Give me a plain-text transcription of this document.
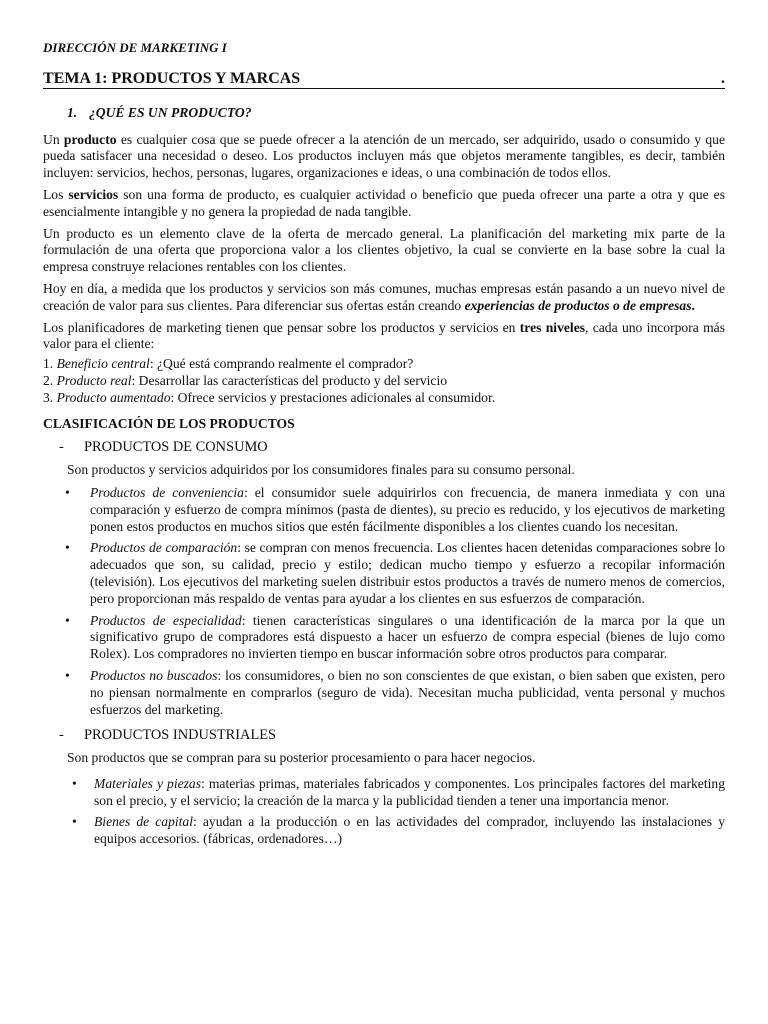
DIRECCIÓN DE MARKETING I
TEMA 1: PRODUCTOS Y MARCAS	.
1. ¿QUÉ ES UN PRODUCTO?

Un producto es cualquier cosa que se puede ofrecer a la atención de un mercado, ser adquirido, usado o consumido y que pueda satisfacer una necesidad o deseo. Los productos incluyen más que objetos meramente tangibles, es decir, también incluyen: servicios, hechos, personas, lugares, organizaciones e ideas, o una combinación de todos ellos.

Los servicios son una forma de producto, es cualquier actividad o beneficio que pueda ofrecer una parte a otra y que es esencialmente intangible y no genera la propiedad de nada tangible.

Un producto es un elemento clave de la oferta de mercado general. La planificación del marketing mix parte de la formulación de una oferta que proporciona valor a los clientes objetivo, la cual se convierte en la base sobre la cual la empresa construye relaciones rentables con los clientes.

Hoy en día, a medida que los productos y servicios son más comunes, muchas empresas están pasando a un nuevo nivel de creación de valor para sus clientes. Para diferenciar sus ofertas están creando experiencias de productos o de empresas.

Los planificadores de marketing tienen que pensar sobre los productos y servicios en tres niveles, cada uno incorpora más valor para el cliente:

1. Beneficio central: ¿Qué está comprando realmente el comprador?
2. Producto real: Desarrollar las características del producto y del servicio
3. Producto aumentado: Ofrece servicios y prestaciones adicionales al consumidor.
CLASIFICACIÓN DE LOS PRODUCTOS
- PRODUCTOS DE CONSUMO
Son productos y servicios adquiridos por los consumidores finales para su consumo personal.
• Productos de conveniencia: el consumidor suele adquirirlos con frecuencia, de manera inmediata y con una comparación y esfuerzo de compra mínimos (pasta de dientes), su precio es reducido, y los ejecutivos de marketing ponen estos productos en muchos sitios que estén fácilmente disponibles a los clientes cuando los necesitan.
• Productos de comparación: se compran con menos frecuencia. Los clientes hacen detenidas comparaciones sobre lo adecuados que son, su calidad, precio y estilo; dedican mucho tiempo y esfuerzo a recopilar información (televisión). Los ejecutivos del marketing suelen distribuir estos productos a través de numero menos de comercios, pero proporcionan más respaldo de ventas para ayudar a los clientes en sus esfuerzos de comparación.
• Productos de especialidad: tienen características singulares o una identificación de la marca por la que un significativo grupo de compradores está dispuesto a hacer un esfuerzo de compra especial (bienes de lujo como Rolex). Los compradores no invierten tiempo en buscar información sobre otros productos para comparar.
• Productos no buscados: los consumidores, o bien no son conscientes de que existan, o bien saben que existen, pero no piensan normalmente en comprarlos (seguro de vida). Necesitan mucha publicidad, venta personal y muchos esfuerzos del marketing.
- PRODUCTOS INDUSTRIALES
Son productos que se compran para su posterior procesamiento o para hacer negocios.
• Materiales y piezas: materias primas, materiales fabricados y componentes. Los principales factores del marketing son el precio, y el servicio; la creación de la marca y la publicidad tienden a tener una importancia menor.
• Bienes de capital: ayudan a la producción o en las actividades del comprador, incluyendo las instalaciones y equipos accesorios. (fábricas, ordenadores…)
